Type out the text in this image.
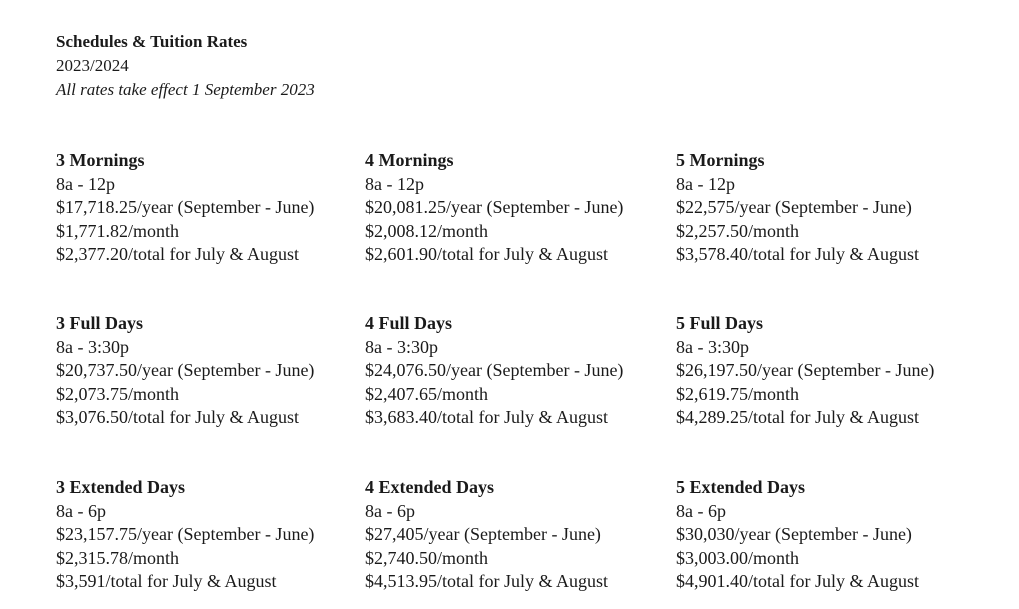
Schedules & Tuition Rates
2023/2024
All rates take effect 1 September 2023
3 Mornings
8a - 12p
$17,718.25/year (September - June)
$1,771.82/month
$2,377.20/total for July & August
4 Mornings
8a - 12p
$20,081.25/year (September - June)
$2,008.12/month
$2,601.90/total for July & August
5 Mornings
8a - 12p
$22,575/year (September - June)
$2,257.50/month
$3,578.40/total for July & August
3 Full Days
8a - 3:30p
$20,737.50/year (September - June)
$2,073.75/month
$3,076.50/total for July & August
4 Full Days
8a - 3:30p
$24,076.50/year (September - June)
$2,407.65/month
$3,683.40/total for July & August
5 Full Days
8a - 3:30p
$26,197.50/year (September - June)
$2,619.75/month
$4,289.25/total for July & August
3 Extended Days
8a - 6p
$23,157.75/year (September - June)
$2,315.78/month
$3,591/total for July & August
4 Extended Days
8a - 6p
$27,405/year (September - June)
$2,740.50/month
$4,513.95/total for July & August
5 Extended Days
8a - 6p
$30,030/year (September - June)
$3,003.00/month
$4,901.40/total for July & August
